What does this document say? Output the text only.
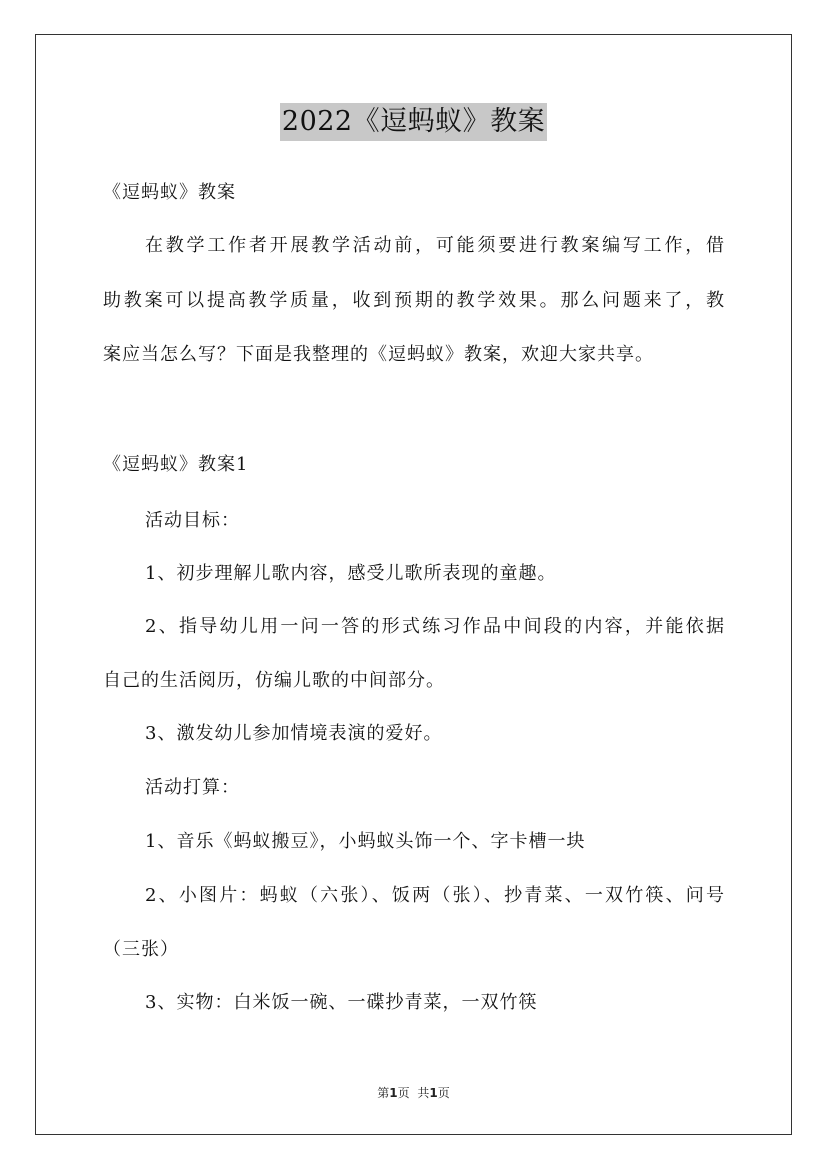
2022《逗蚂蚁》教案
《逗蚂蚁》教案
在教学工作者开展教学活动前，可能须要进行教案编写工作，借
助教案可以提高教学质量，收到预期的教学效果。那么问题来了，教
案应当怎么写？下面是我整理的《逗蚂蚁》教案，欢迎大家共享。
《逗蚂蚁》教案1
活动目标：
1、初步理解儿歌内容，感受儿歌所表现的童趣。
2、指导幼儿用一问一答的形式练习作品中间段的内容，并能依据
自己的生活阅历，仿编儿歌的中间部分。
3、激发幼儿参加情境表演的爱好。
活动打算：
1、音乐《蚂蚁搬豆》，小蚂蚁头饰一个、字卡槽一块
2、小图片：蚂蚁（六张）、饭两（张）、抄青菜、一双竹筷、问号
（三张）
3、实物：白米饭一碗、一碟抄青菜，一双竹筷
第1页 共1页
